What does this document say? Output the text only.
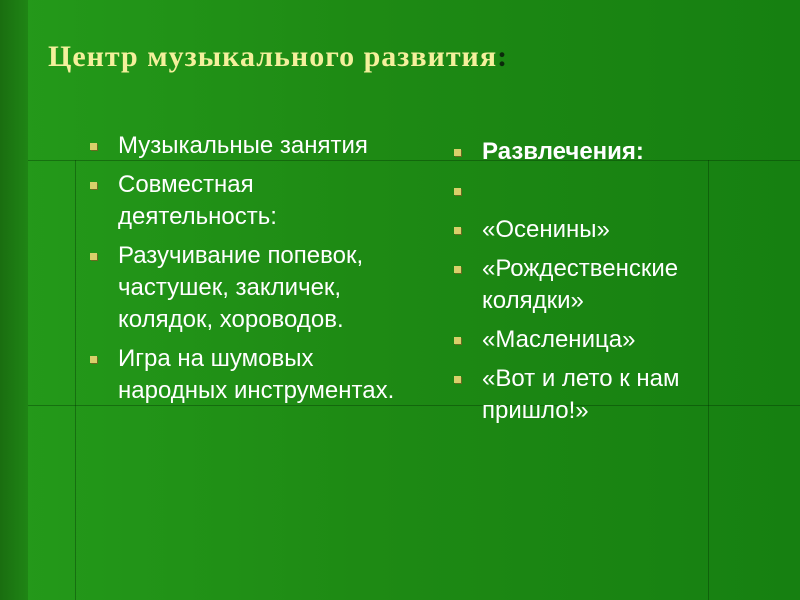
Центр музыкального развития:
Музыкальные занятия
Совместная деятельность:
Разучивание попевок, частушек, закличек, колядок, хороводов.
Игра на шумовых народных инструментах.
Развлечения:
«Осенины»
«Рождественские колядки»
«Масленица»
«Вот и лето к нам пришло!»
